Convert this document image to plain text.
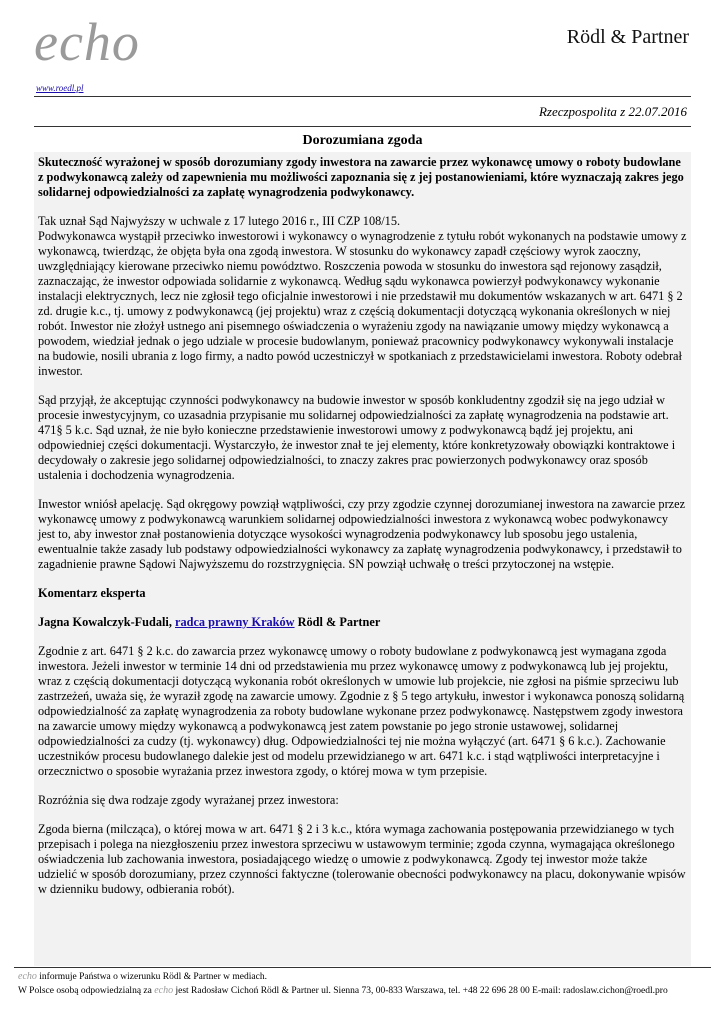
echo
www.roedl.pl
Rödl & Partner
Rzeczpospolita z 22.07.2016
Dorozumiana zgoda

Skuteczność wyrażonej w sposób dorozumiany zgody inwestora na zawarcie przez wykonawcę umowy o roboty budowlane z podwykonawcą zależy od zapewnienia mu możliwości zapoznania się z jej postanowieniami, które wyznaczają zakres jego solidarnej odpowiedzialności za zapłatę wynagrodzenia podwykonawcy.

Tak uznał Sąd Najwyższy w uchwale z 17 lutego 2016 r., III CZP 108/15.

Podwykonawca wystąpił przeciwko inwestorowi i wykonawcy o wynagrodzenie z tytułu robót wykonanych na podstawie umowy z wykonawcą, twierdząc, że objęta była ona zgodą inwestora. W stosunku do wykonawcy zapadł częściowy wyrok zaoczny, uwzględniający kierowane przeciwko niemu powództwo. Roszczenia powoda w stosunku do inwestora sąd rejonowy zasądził, zaznaczając, że inwestor odpowiada solidarnie z wykonawcą. Według sądu wykonawca powierzył podwykonawcy wykonanie instalacji elektrycznych, lecz nie zgłosił tego oficjalnie inwestorowi i nie przedstawił mu dokumentów wskazanych w art. 6471 § 2 zd. drugie k.c., tj. umowy z podwykonawcą (jej projektu) wraz z częścią dokumentacji dotyczącą wykonania określonych w niej robót. Inwestor nie złożył ustnego ani pisemnego oświadczenia o wyrażeniu zgody na nawiązanie umowy między wykonawcą a powodem, wiedział jednak o jego udziale w procesie budowlanym, ponieważ pracownicy podwykonawcy wykonywali instalacje na budowie, nosili ubrania z logo firmy, a nadto powód uczestniczył w spotkaniach z przedstawicielami inwestora. Roboty odebrał inwestor.

Sąd przyjął, że akceptując czynności podwykonawcy na budowie inwestor w sposób konkludentny zgodził się na jego udział w procesie inwestycyjnym, co uzasadnia przypisanie mu solidarnej odpowiedzialności za zapłatę wynagrodzenia na podstawie art. 471§ 5 k.c. Sąd uznał, że nie było konieczne przedstawienie inwestorowi umowy z podwykonawcą bądź jej projektu, ani odpowiedniej części dokumentacji. Wystarczyło, że inwestor znał te jej elementy, które konkretyzowały obowiązki kontraktowe i decydowały o zakresie jego solidarnej odpowiedzialności, to znaczy zakres prac powierzonych podwykonawcy oraz sposób ustalenia i dochodzenia wynagrodzenia.

Inwestor wniósł apelację. Sąd okręgowy powziął wątpliwości, czy przy zgodzie czynnej dorozumianej inwestora na zawarcie przez wykonawcę umowy z podwykonawcą warunkiem solidarnej odpowiedzialności inwestora z wykonawcą wobec podwykonawcy jest to, aby inwestor znał postanowienia dotyczące wysokości wynagrodzenia podwykonawcy lub sposobu jego ustalenia, ewentualnie także zasady lub podstawy odpowiedzialności wykonawcy za zapłatę wynagrodzenia podwykonawcy, i przedstawił to zagadnienie prawne Sądowi Najwyższemu do rozstrzygnięcia. SN powziął uchwałę o treści przytoczonej na wstępie.

Komentarz eksperta

Jagna Kowalczyk-Fudali, radca prawny Kraków Rödl & Partner

Zgodnie z art. 6471 § 2 k.c. do zawarcia przez wykonawcę umowy o roboty budowlane z podwykonawcą jest wymagana zgoda inwestora. Jeżeli inwestor w terminie 14 dni od przedstawienia mu przez wykonawcę umowy z podwykonawcą lub jej projektu, wraz z częścią dokumentacji dotyczącą wykonania robót określonych w umowie lub projekcie, nie zgłosi na piśmie sprzeciwu lub zastrzeżeń, uważa się, że wyraził zgodę na zawarcie umowy. Zgodnie z § 5 tego artykułu, inwestor i wykonawca ponoszą solidarną odpowiedzialność za zapłatę wynagrodzenia za roboty budowlane wykonane przez podwykonawcę. Następstwem zgody inwestora na zawarcie umowy między wykonawcą a podwykonawcą jest zatem powstanie po jego stronie ustawowej, solidarnej odpowiedzialności za cudzy (tj. wykonawcy) dług. Odpowiedzialności tej nie można wyłączyć (art. 6471 § 6 k.c.). Zachowanie uczestników procesu budowlanego dalekie jest od modelu przewidzianego w art. 6471 k.c. i stąd wątpliwości interpretacyjne i orzecznictwo o sposobie wyrażania przez inwestora zgody, o której mowa w tym przepisie.

Rozróżnia się dwa rodzaje zgody wyrażanej przez inwestora:

Zgoda bierna (milcząca), o której mowa w art. 6471 § 2 i 3 k.c., która wymaga zachowania postępowania przewidzianego w tych przepisach i polega na niezgłoszeniu przez inwestora sprzeciwu w ustawowym terminie; zgoda czynna, wymagająca określonego oświadczenia lub zachowania inwestora, posiadającego wiedzę o umowie z podwykonawcą. Zgody tej inwestor może także udzielić w sposób dorozumiany, przez czynności faktyczne (tolerowanie obecności podwykonawcy na placu, dokonywanie wpisów w dzienniku budowy, odbierania robót).

echo informuje Państwa o wizerunku Rödl & Partner w mediach.
W Polsce osobą odpowiedzialną za echo jest Radosław Cichoń Rödl & Partner ul. Sienna 73, 00-833 Warszawa, tel. +48 22 696 28 00 E-mail: radoslaw.cichon@roedl.pro
